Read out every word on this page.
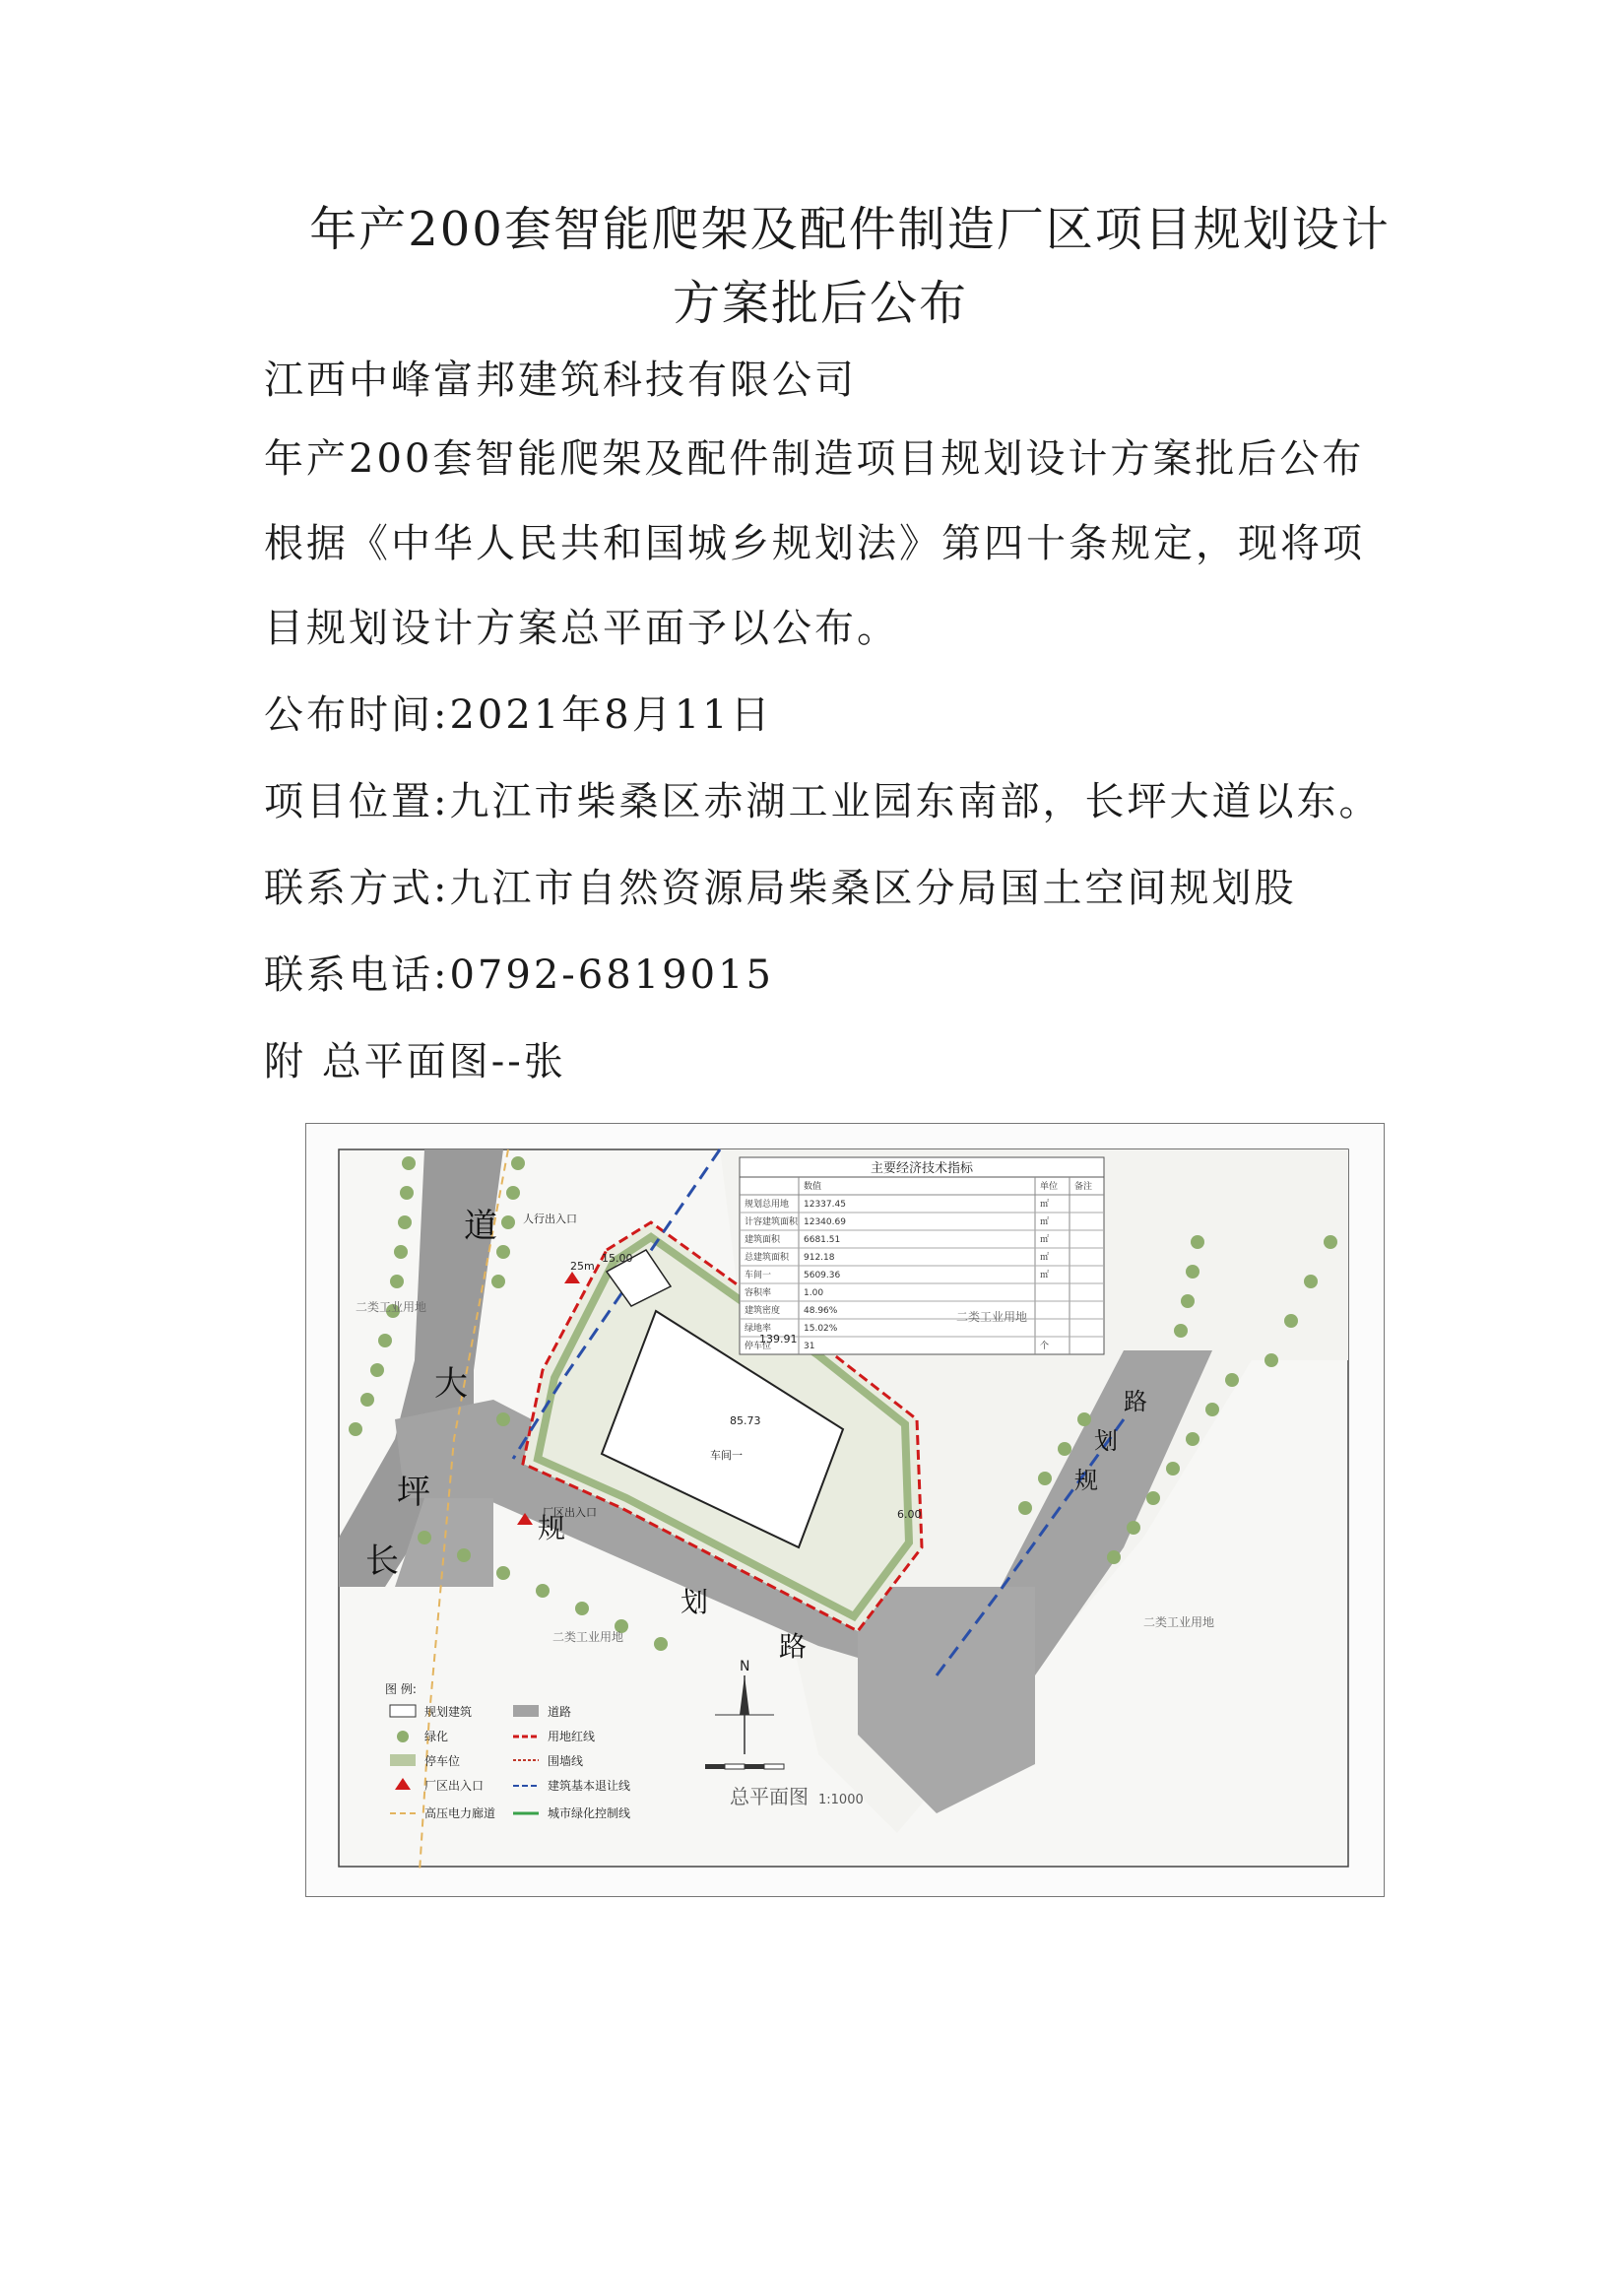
年产200套智能爬架及配件制造厂区项目规划设计
方案批后公布
江西中峰富邦建筑科技有限公司
年产200套智能爬架及配件制造项目规划设计方案批后公布
根据《中华人民共和国城乡规划法》第四十条规定，现将项
目规划设计方案总平面予以公布。
公布时间:2021年8月11日
项目位置:九江市柴桑区赤湖工业园东南部，长坪大道以东。
联系方式:九江市自然资源局柴桑区分局国土空间规划股
联系电话:0792-6819015
附 总平面图--张
主要经济技术指标
数值	单位 备注
规划总用地 12337.45	㎡
计容建筑面积 12340.69	㎡
建筑面积	6681.51	㎡
总建筑面积 912.18	㎡
车间一	5609.36	㎡
容积率	1.00
建筑密度	48.96%
绿地率	15.02%
停车位	31	个
长
坪
大
道
规
划
路
规
划
路
二类工业用地
二类工业用地
二类工业用地
二类工业用地
139.91
85.73
15.00
6.00
25m
人行出入口
厂区出入口
车间一
图 例:
规划建筑
绿化
停车位
厂区出入口
高压电力廊道
道路
用地红线
围墙线
建筑基本退让线
城市绿化控制线
N
总平面图 1:1000
